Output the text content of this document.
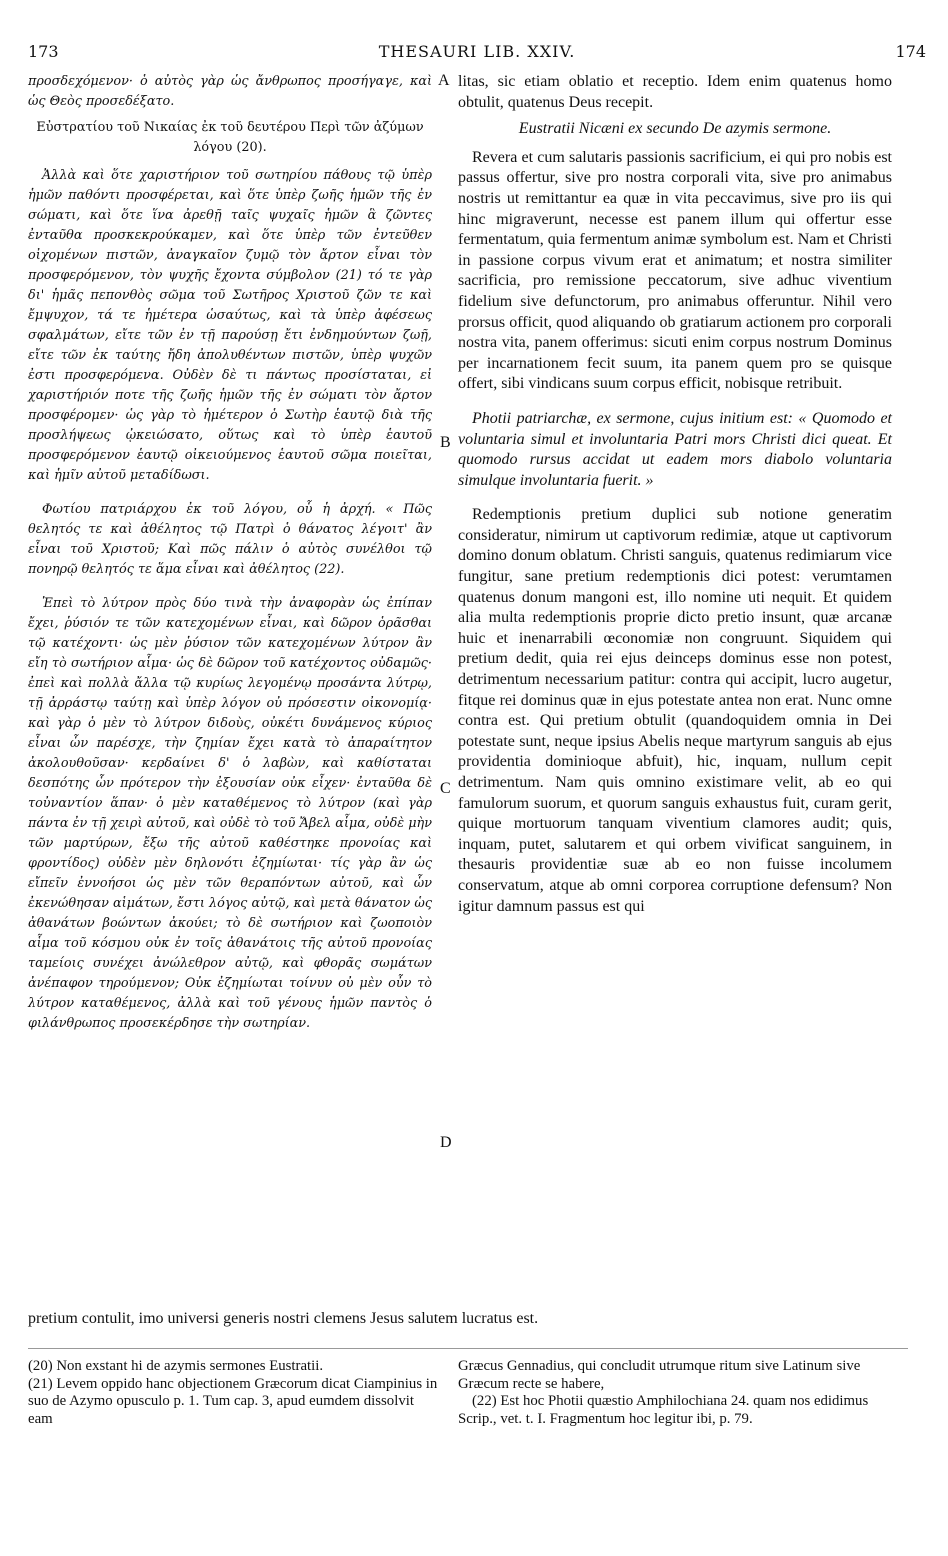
173	THESAURI LIB. XXIV.	174

προσδεχόμενον· ὁ αὐτὸς γὰρ ὡς ἄνθρωπος προσήγαγε, καὶ ὡς Θεὸς προσεδέξατο.

Εὐστρατίου τοῦ Νικαίας ἐκ τοῦ δευτέρου Περὶ τῶν ἀζύμων λόγου (20).

Ἀλλὰ καὶ ὅτε χαριστήριον τοῦ σωτηρίου πάθους τῷ ὑπὲρ ἡμῶν παθόντι προσφέρεται, καὶ ὅτε ὑπὲρ ζωῆς ἡμῶν τῆς ἐν σώματι, καὶ ὅτε ἵνα ἀρεθῇ ταῖς ψυχαῖς ἡμῶν ἃ ζῶντες ἐνταῦθα προσκεκρούκαμεν, καὶ ὅτε ὑπὲρ τῶν ἐντεῦθεν οἰχομένων πιστῶν, ἀναγκαῖον ζυμῷ τὸν ἄρτον εἶναι τὸν προσφερόμενον, τὸν ψυχῆς ἔχοντα σύμβολον (21) τό τε γὰρ δι' ἡμᾶς πεπονθὸς σῶμα τοῦ Σωτῆρος Χριστοῦ ζῶν τε καὶ ἔμψυχον, τά τε ἡμέτερα ὡσαύτως, καὶ τὰ ὑπὲρ ἀφέσεως σφαλμάτων, εἴτε τῶν ἐν τῇ παρούσῃ ἔτι ἐνδημούντων ζωῇ, εἴτε τῶν ἐκ ταύτης ἤδη ἀπολυθέντων πιστῶν, ὑπὲρ ψυχῶν ἐστι προσφερόμενα. Οὐδὲν δὲ τι πάντως προσίσταται, εἰ χαριστήριόν ποτε τῆς ζωῆς ἡμῶν τῆς ἐν σώματι τὸν ἄρτον προσφέρομεν· ὡς γὰρ τὸ ἡμέτερον ὁ Σωτὴρ ἑαυτῷ διὰ τῆς προσλήψεως ᾠκειώσατο, οὕτως καὶ τὸ ὑπὲρ ἑαυτοῦ προσφερόμενον ἑαυτῷ οἰκειούμενος ἑαυτοῦ σῶμα ποιεῖται, καὶ ἡμῖν αὐτοῦ μεταδίδωσι.

Φωτίου πατριάρχου ἐκ τοῦ λόγου, οὗ ἡ ἀρχή. « Πῶς θελητός τε καὶ ἀθέλητος τῷ Πατρὶ ὁ θάνατος λέγοιτ' ἂν εἶναι τοῦ Χριστοῦ; Καὶ πῶς πάλιν ὁ αὐτὸς συνέλθοι τῷ πονηρῷ θελητός τε ἅμα εἶναι καὶ ἀθέλητος (22).

Ἐπεὶ τὸ λύτρον πρὸς δύο τινὰ τὴν ἀναφορὰν ὡς ἐπίπαν ἔχει, ῥύσιόν τε τῶν κατεχομένων εἶναι, καὶ δῶρον ὁρᾶσθαι τῷ κατέχοντι· ὡς μὲν ῥύσιον τῶν κατεχομένων λύτρον ἂν εἴη τὸ σωτήριον αἷμα· ὡς δὲ δῶρον τοῦ κατέχοντος οὐδαμῶς· ἐπεὶ καὶ πολλὰ ἄλλα τῷ κυρίως λεγομένῳ προσάντα λύτρῳ, τῇ ἀρράστῳ ταύτῃ καὶ ὑπὲρ λόγον οὐ πρόσεστιν οἰκονομίᾳ· καὶ γὰρ ὁ μὲν τὸ λύτρον διδοὺς, οὐκέτι δυνάμενος κύριος εἶναι ὧν παρέσχε, τὴν ζημίαν ἔχει κατὰ τὸ ἀπαραίτητον ἀκολουθοῦσαν· κερδαίνει δ' ὁ λαβὼν, καὶ καθίσταται δεσπότης ὧν πρότερον τὴν ἐξουσίαν οὐκ εἶχεν· ἐνταῦθα δὲ τοὐναντίον ἅπαν· ὁ μὲν καταθέμενος τὸ λύτρον (καὶ γὰρ πάντα ἐν τῇ χειρὶ αὐτοῦ, καὶ οὐδὲ τὸ τοῦ Ἄβελ αἷμα, οὐδὲ μὴν τῶν μαρτύρων, ἔξω τῆς αὐτοῦ καθέστηκε προνοίας καὶ φροντίδος) οὐδὲν μὲν δηλονότι ἐζημίωται· τίς γὰρ ἂν ὡς εἴπεῖν ἐννοήσοι ὡς μὲν τῶν θεραπόντων αὐτοῦ, καὶ ὧν ἐκενώθησαν αἱμάτων, ἔστι λόγος αὐτῷ, καὶ μετὰ θάνατον ὡς ἀθανάτων βοώντων ἀκούει; τὸ δὲ σωτήριον καὶ ζωοποιὸν αἷμα τοῦ κόσμου οὐκ ἐν τοῖς ἀθανάτοις τῆς αὐτοῦ προνοίας ταμείοις συνέχει ἀνώλεθρον αὐτῷ, καὶ φθορᾶς σωμάτων ἀνέπαφον τηρούμενον; Οὐκ ἐζημίωται τοίνυν οὐ μὲν οὖν τὸ λύτρον καταθέμενος, ἀλλὰ καὶ τοῦ γένους ἡμῶν παντὸς ὁ φιλάνθρωπος προσεκέρδησε τὴν σωτηρίαν.

litas, sic etiam oblatio et receptio. Idem enim quatenus homo obtulit, quatenus Deus recepit.

Eustratii Nicæni ex secundo De azymis sermone.

Revera et cum salutaris passionis sacrificium, ei qui pro nobis est passus offertur, sive pro nostra corporali vita, sive pro animabus nostris ut remittantur ea quæ in vita peccavimus, sive pro iis qui hinc migraverunt, necesse est panem illum qui offertur esse fermentatum, quia fermentum animæ symbolum est. Nam et Christi in passione corpus vivum erat et animatum; et nostra similiter sacrificia, pro remissione peccatorum, sive adhuc viventium fidelium sive defunctorum, pro animabus offeruntur. Nihil vero prorsus officit, quod aliquando ob gratiarum actionem pro corporali nostra vita, panem offerimus: sicuti enim corpus nostrum Dominus per incarnationem fecit suum, ita panem quem pro se quisque offert, sibi vindicans suum corpus efficit, nobisque retribuit.

Photii patriarchæ, ex sermone, cujus initium est: « Quomodo et voluntaria simul et involuntaria Patri mors Christi dici queat. Et quomodo rursus accidat ut eadem mors diabolo voluntaria simulque involuntaria fuerit. »

Redemptionis pretium duplici sub notione generatim consideratur, nimirum ut captivorum redimiæ, atque ut captivorum domino donum oblatum. Christi sanguis, quatenus redimiarum vice fungitur, sane pretium redemptionis dici potest: verumtamen quatenus donum mangoni est, illo nomine uti nequit. Et quidem alia multa redemptionis proprie dicto pretio insunt, quæ arcanæ huic et inenarrabili œconomiæ non congruunt. Siquidem qui pretium dedit, quia rei ejus deinceps dominus esse non potest, detrimentum necessarium patitur: contra qui accipit, lucro augetur, fitque rei dominus quæ in ejus potestate antea non erat. Nunc omne contra est. Qui pretium obtulit (quandoquidem omnia in Dei potestate sunt, neque ipsius Abelis neque martyrum sanguis ab ejus providentia dominioque abfuit), hic, inquam, nullum cepit detrimentum. Nam quis omnino existimare velit, ab eo qui famulorum suorum, et quorum sanguis exhaustus fuit, curam gerit, quique mortuorum tanquam viventium clamores audit; quis, inquam, putet, salutarem et qui orbem vivificat sanguinem, in thesauris providentiæ suæ ab eo non fuisse incolumem conservatum, atque ab omni corporea corruptione defensum? Non igitur damnum passus est qui

A
B
C
D
pretium contulit, imo universi generis nostri clemens Jesus salutem lucratus est.
(20) Non exstant hi de azymis sermones Eustratii.
(21) Levem oppido hanc objectionem Græcorum dicat Ciampinius in suo de Azymo opusculo p. 1. Tum cap. 3, apud eumdem dissolvit eam
Græcus Gennadius, qui concludit utrumque ritum sive Latinum sive Græcum recte se habere,
(22) Est hoc Photii quæstio Amphilochiana 24. quam nos edidimus Scrip., vet. t. I. Fragmentum hoc legitur ibi, p. 79.
